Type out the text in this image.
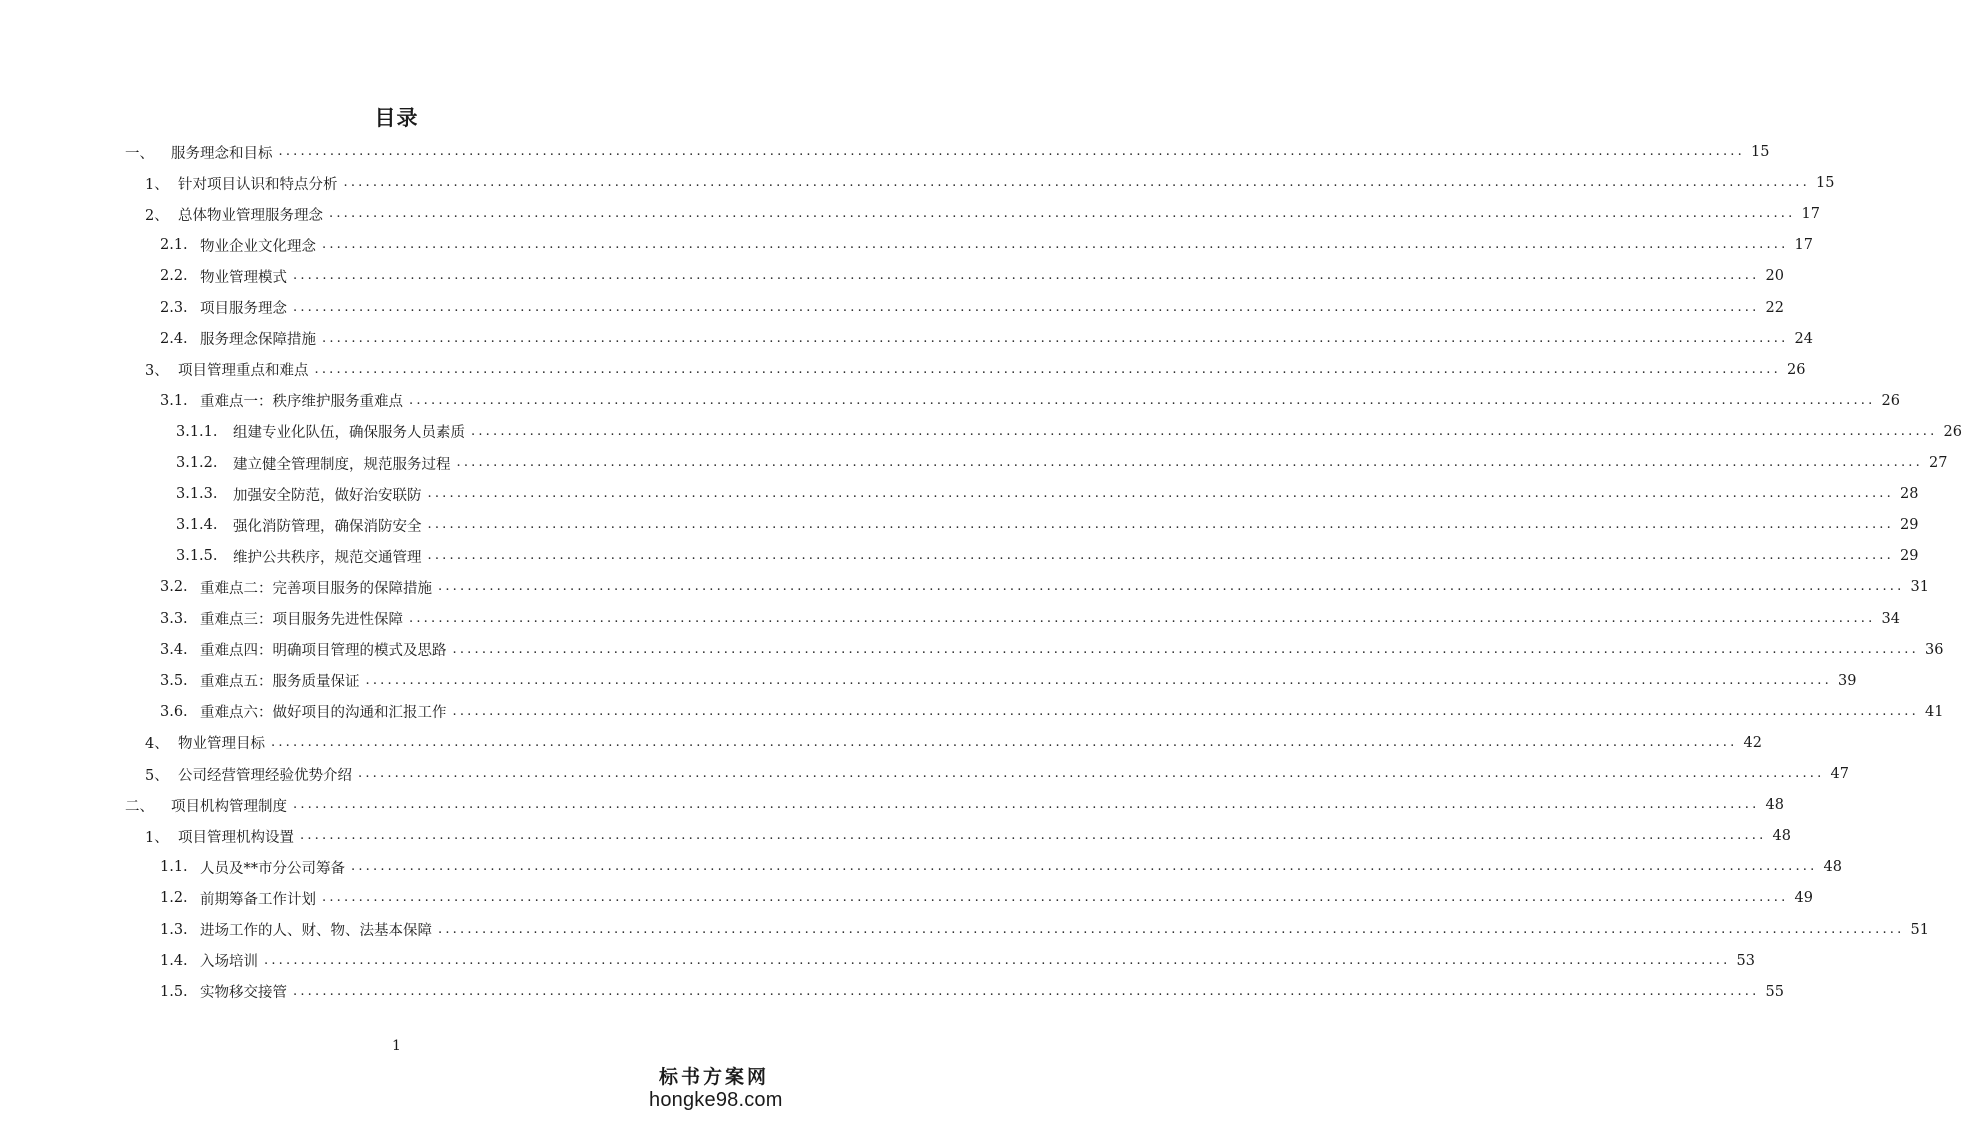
目录
一、	服务理念和目标 ........................................................................................................................................................................................................ 15
1、 针对项目认识和特点分析 ........................................................................................................................................................................................................ 15
2、 总体物业管理服务理念 ........................................................................................................................................................................................................ 17
2.1. 物业企业文化理念 ........................................................................................................................................................................................................ 17
2.2. 物业管理模式 ........................................................................................................................................................................................................ 20
2.3. 项目服务理念 ........................................................................................................................................................................................................ 22
2.4. 服务理念保障措施 ........................................................................................................................................................................................................ 24
3、 项目管理重点和难点 ........................................................................................................................................................................................................ 26
3.1. 重难点一：秩序维护服务重难点 ........................................................................................................................................................................................................ 26
3.1.1.	组建专业化队伍，确保服务人员素质 ........................................................................................................................................................................................................ 26
3.1.2.	建立健全管理制度，规范服务过程 ........................................................................................................................................................................................................ 27
3.1.3.	加强安全防范，做好治安联防 ........................................................................................................................................................................................................ 28
3.1.4.	强化消防管理，确保消防安全 ........................................................................................................................................................................................................ 29
3.1.5.	维护公共秩序，规范交通管理 ........................................................................................................................................................................................................ 29
3.2. 重难点二：完善项目服务的保障措施 ........................................................................................................................................................................................................ 31
3.3. 重难点三：项目服务先进性保障 ........................................................................................................................................................................................................ 34
3.4. 重难点四：明确项目管理的模式及思路 ........................................................................................................................................................................................................ 36
3.5. 重难点五：服务质量保证 ........................................................................................................................................................................................................ 39
3.6. 重难点六：做好项目的沟通和汇报工作 ........................................................................................................................................................................................................ 41
4、 物业管理目标 ........................................................................................................................................................................................................ 42
5、 公司经营管理经验优势介绍 ........................................................................................................................................................................................................ 47
二、	项目机构管理制度 ........................................................................................................................................................................................................ 48
1、 项目管理机构设置 ........................................................................................................................................................................................................ 48
1.1. 人员及**市分公司筹备 ........................................................................................................................................................................................................ 48
1.2. 前期筹备工作计划 ........................................................................................................................................................................................................ 49
1.3. 进场工作的人、财、物、法基本保障 ........................................................................................................................................................................................................ 51
1.4. 入场培训 ........................................................................................................................................................................................................ 53
1.5. 实物移交接管 ........................................................................................................................................................................................................ 55
1
标书方案网
hongke98.com
